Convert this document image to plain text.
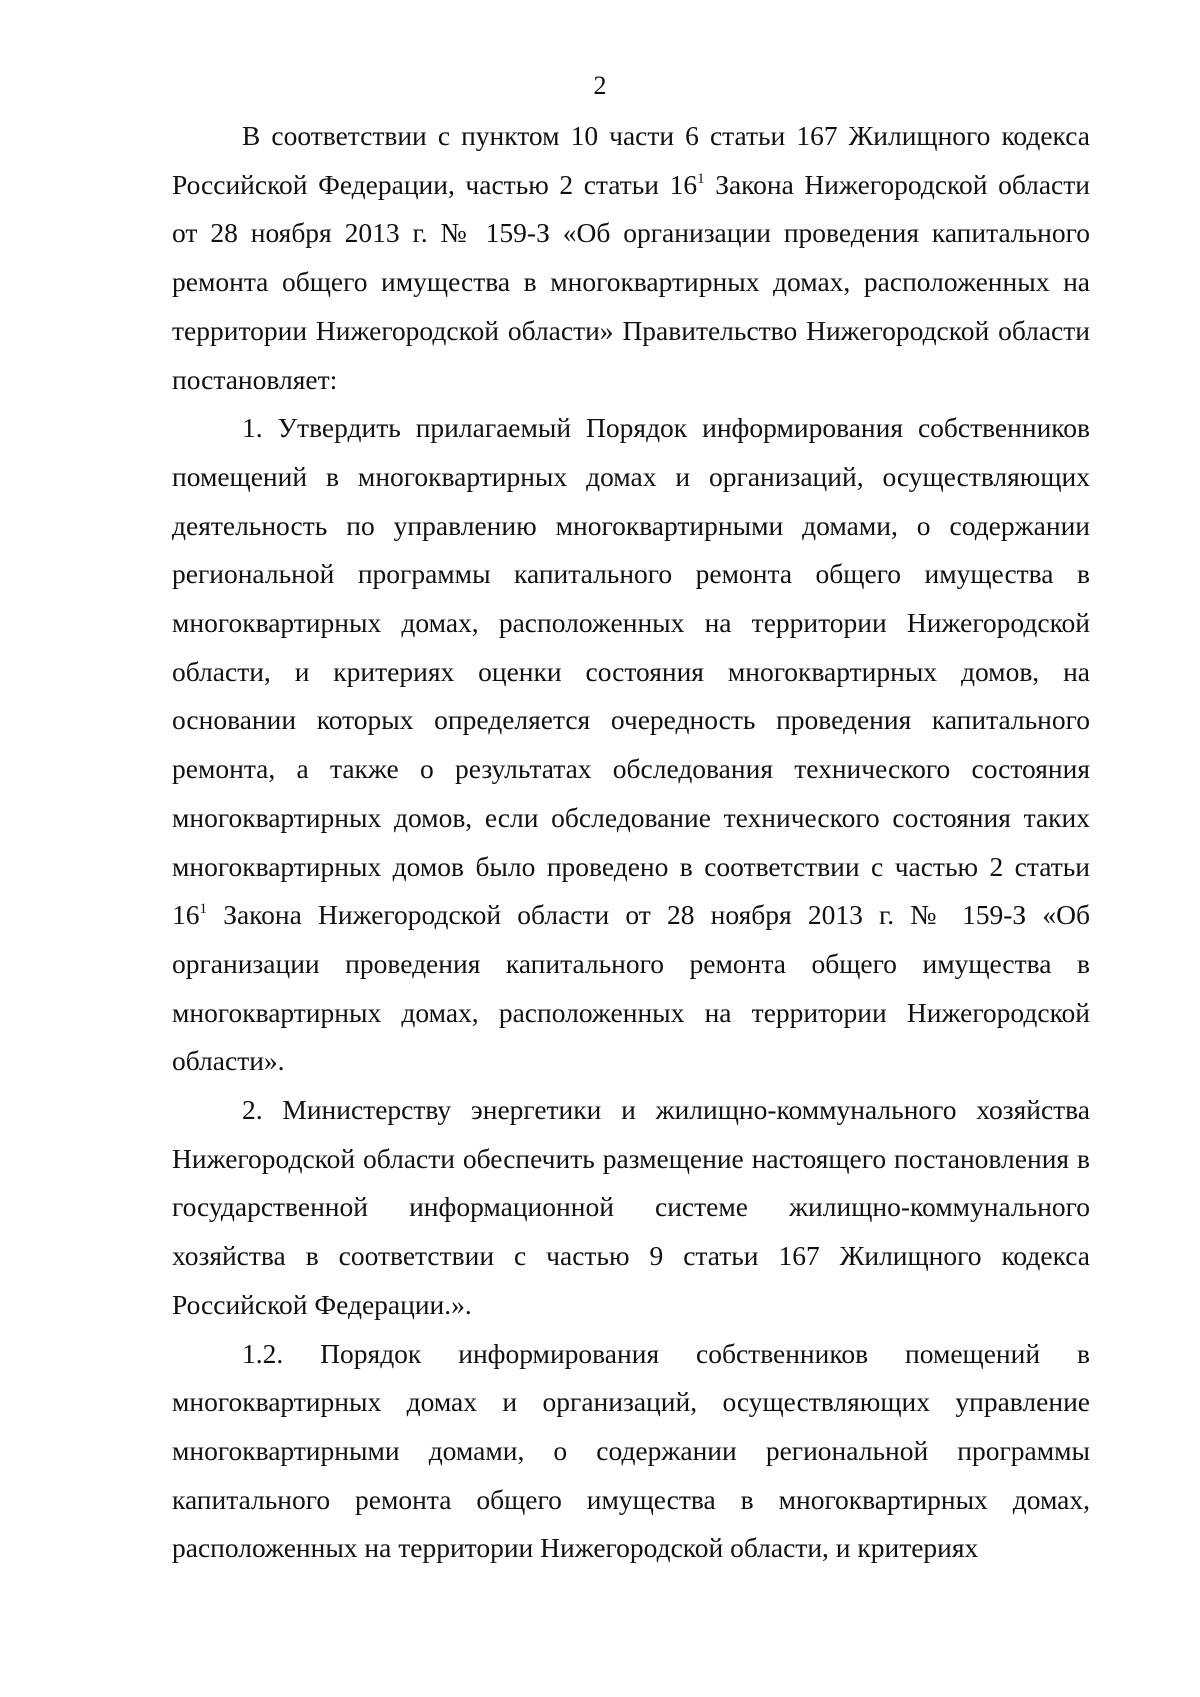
2

В соответствии с пунктом 10 части 6 статьи 167 Жилищного кодекса Российской Федерации, частью 2 статьи $16^1$ Закона Нижегородской области от 28 ноября 2013 г. № 159-З «Об организации проведения капитального ремонта общего имущества в многоквартирных домах, расположенных на территории Нижегородской области» Правительство Нижегородской области постановляет:

1. Утвердить прилагаемый Порядок информирования собственников помещений в многоквартирных домах и организаций, осуществляющих деятельность по управлению многоквартирными домами, о содержании региональной программы капитального ремонта общего имущества в многоквартирных домах, расположенных на территории Нижегородской области, и критериях оценки состояния многоквартирных домов, на основании которых определяется очередность проведения капитального ремонта, а также о результатах обследования технического состояния многоквартирных домов, если обследование технического состояния таких многоквартирных домов было проведено в соответствии с частью 2 статьи $16^1$ Закона Нижегородской области от 28 ноября 2013 г. № 159-З «Об организации проведения капитального ремонта общего имущества в многоквартирных домах, расположенных на территории Нижегородской области».

2. Министерству энергетики и жилищно-коммунального хозяйства Нижегородской области обеспечить размещение настоящего постановления в государственной информационной системе жилищно-коммунального хозяйства в соответствии с частью 9 статьи 167 Жилищного кодекса Российской Федерации.».

1.2. Порядок информирования собственников помещений в многоквартирных домах и организаций, осуществляющих управление многоквартирными домами, о содержании региональной программы капитального ремонта общего имущества в многоквартирных домах, расположенных на территории Нижегородской области, и критериях
